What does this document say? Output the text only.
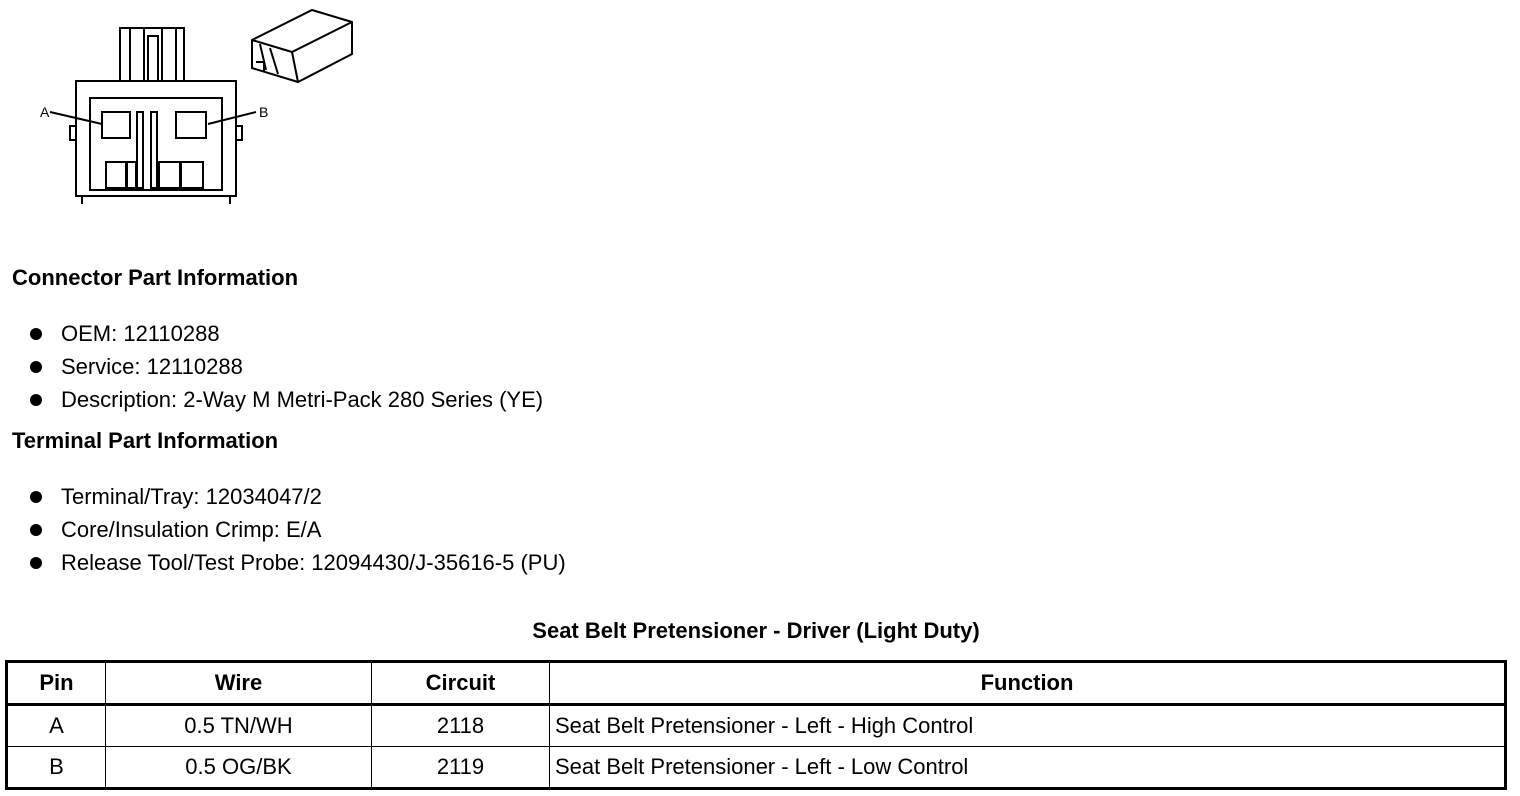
A	B
Connector Part Information
OEM: 12110288
Service: 12110288
Description: 2-Way M Metri-Pack 280 Series (YE)
Terminal Part Information
Terminal/Tray: 12034047/2
Core/Insulation Crimp: E/A
Release Tool/Test Probe: 12094430/J-35616-5 (PU)
Seat Belt Pretensioner - Driver (Light Duty)
Pin	Wire	Circuit	Function
A	0.5 TN/WH	2118	Seat Belt Pretensioner - Left - High Control
B	0.5 OG/BK	2119	Seat Belt Pretensioner - Left - Low Control
